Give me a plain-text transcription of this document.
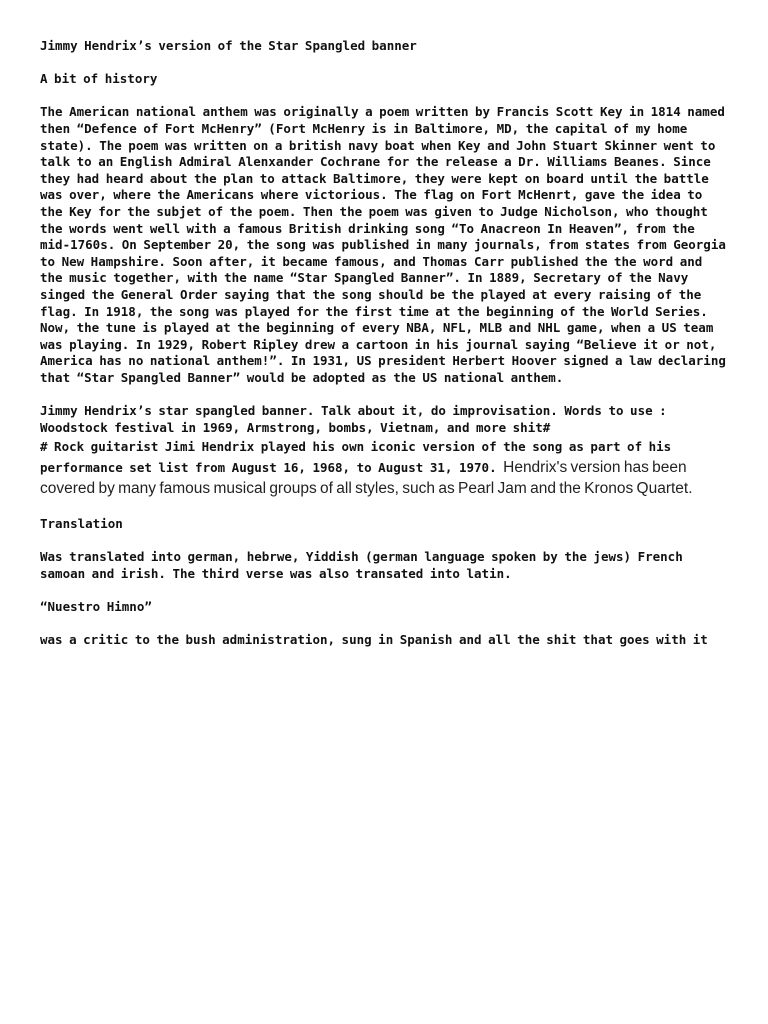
Jimmy Hendrix’s version of the Star Spangled banner

A bit of history

The American national anthem was originally a poem written by Francis Scott Key in 1814 named then “Defence of Fort McHenry” (Fort McHenry is in Baltimore, MD, the capital of my home state). The poem was written on a british navy boat when Key and John Stuart Skinner went to talk to an English Admiral Alenxander Cochrane for the release a Dr. Williams Beanes. Since they had heard about the plan to attack Baltimore, they were kept on board until the battle was over, where the Americans where victorious. The flag on Fort McHenrt, gave the idea to the Key for the subjet of the poem. Then the poem was given to Judge Nicholson, who thought the words went well with a famous British drinking song “To Anacreon In Heaven”, from the mid-1760s. On September 20, the song was published in many journals, from states from Georgia to New Hampshire. Soon after, it became famous, and Thomas Carr published the the word and the music together, with the name “Star Spangled Banner”. In 1889, Secretary of the Navy singed the General Order saying that the song should be the played at every raising of the flag. In 1918, the song was played for the first time at the beginning of the World Series. Now, the tune is played at the beginning of every NBA, NFL, MLB and NHL game, when a US team was playing. In 1929, Robert Ripley drew a cartoon in his journal saying “Believe it or not, America has no national anthem!”. In 1931, US president Herbert Hoover signed a law declaring that “Star Spangled Banner” would be adopted as the US national anthem.

Jimmy Hendrix’s star spangled banner. Talk about it, do improvisation. Words to use : Woodstock festival in 1969, Armstrong, bombs, Vietnam, and more shit#

# Rock guitarist Jimi Hendrix played his own iconic version of the song as part of his performance set list from August 16, 1968, to August 31, 1970. Hendrix's version has been covered by many famous musical groups of all styles, such as Pearl Jam and the Kronos Quartet.

Translation

Was translated into german, hebrwe, Yiddish (german language spoken by the jews) French samoan and irish. The third verse was also transated into latin.

“Nuestro Himno”

was a critic to the bush administration, sung in Spanish and all the shit that goes with it
